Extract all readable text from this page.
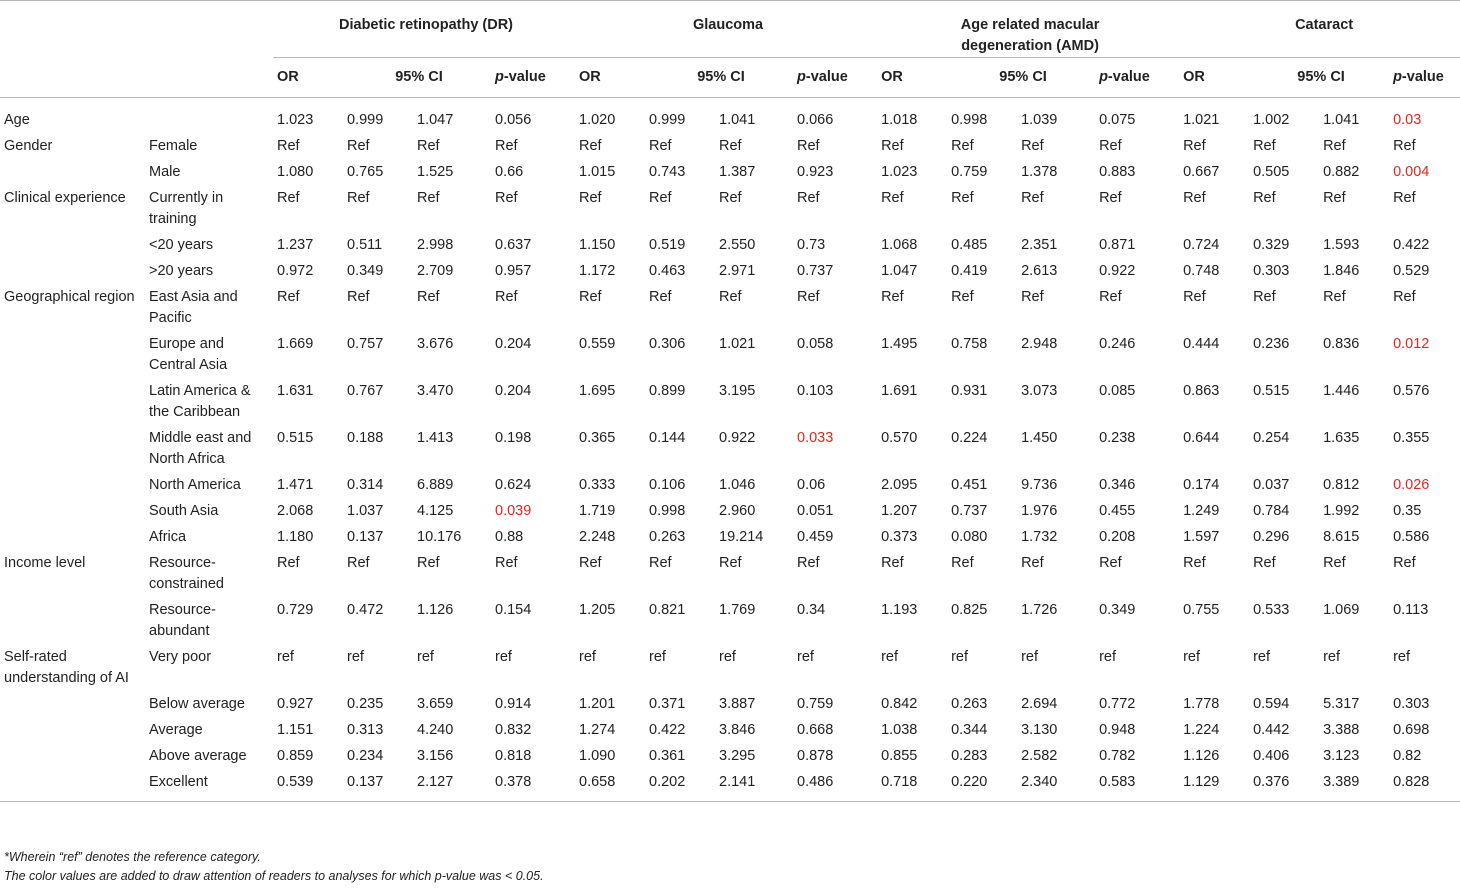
		Diabetic retinopathy (DR)				Glaucoma				Age related macular
degeneration (AMD)				Cataract			

		OR	95% CI		p-value	OR	95% CI		p-value	OR	95% CI		p-value	OR	95% CI		p-value
Age		1.023	0.999	1.047	0.056	1.020	0.999	1.041	0.066	1.018	0.998	1.039	0.075	1.021	1.002	1.041	0.03
Gender	Female	Ref	Ref	Ref	Ref	Ref	Ref	Ref	Ref	Ref	Ref	Ref	Ref	Ref	Ref	Ref	Ref
	Male	1.080	0.765	1.525	0.66	1.015	0.743	1.387	0.923	1.023	0.759	1.378	0.883	0.667	0.505	0.882	0.004
Clinical experience	Currently in training	Ref	Ref	Ref	Ref	Ref	Ref	Ref	Ref	Ref	Ref	Ref	Ref	Ref	Ref	Ref	Ref
	<20 years	1.237	0.511	2.998	0.637	1.150	0.519	2.550	0.73	1.068	0.485	2.351	0.871	0.724	0.329	1.593	0.422
	>20 years	0.972	0.349	2.709	0.957	1.172	0.463	2.971	0.737	1.047	0.419	2.613	0.922	0.748	0.303	1.846	0.529
Geographical region	East Asia and Pacific	Ref	Ref	Ref	Ref	Ref	Ref	Ref	Ref	Ref	Ref	Ref	Ref	Ref	Ref	Ref	Ref
	Europe and Central Asia	1.669	0.757	3.676	0.204	0.559	0.306	1.021	0.058	1.495	0.758	2.948	0.246	0.444	0.236	0.836	0.012
	Latin America & the Caribbean	1.631	0.767	3.470	0.204	1.695	0.899	3.195	0.103	1.691	0.931	3.073	0.085	0.863	0.515	1.446	0.576
	Middle east and North Africa	0.515	0.188	1.413	0.198	0.365	0.144	0.922	0.033	0.570	0.224	1.450	0.238	0.644	0.254	1.635	0.355
	North America	1.471	0.314	6.889	0.624	0.333	0.106	1.046	0.06	2.095	0.451	9.736	0.346	0.174	0.037	0.812	0.026
	South Asia	2.068	1.037	4.125	0.039	1.719	0.998	2.960	0.051	1.207	0.737	1.976	0.455	1.249	0.784	1.992	0.35
	Africa	1.180	0.137	10.176	0.88	2.248	0.263	19.214	0.459	0.373	0.080	1.732	0.208	1.597	0.296	8.615	0.586
Income level	Resource-constrained	Ref	Ref	Ref	Ref	Ref	Ref	Ref	Ref	Ref	Ref	Ref	Ref	Ref	Ref	Ref	Ref
	Resource-abundant	0.729	0.472	1.126	0.154	1.205	0.821	1.769	0.34	1.193	0.825	1.726	0.349	0.755	0.533	1.069	0.113
Self-rated understanding of AI	Very poor	ref	ref	ref	ref	ref	ref	ref	ref	ref	ref	ref	ref	ref	ref	ref	ref
	Below average	0.927	0.235	3.659	0.914	1.201	0.371	3.887	0.759	0.842	0.263	2.694	0.772	1.778	0.594	5.317	0.303
	Average	1.151	0.313	4.240	0.832	1.274	0.422	3.846	0.668	1.038	0.344	3.130	0.948	1.224	0.442	3.388	0.698
	Above average	0.859	0.234	3.156	0.818	1.090	0.361	3.295	0.878	0.855	0.283	2.582	0.782	1.126	0.406	3.123	0.82
	Excellent	0.539	0.137	2.127	0.378	0.658	0.202	2.141	0.486	0.718	0.220	2.340	0.583	1.129	0.376	3.389	0.828
*Wherein “ref” denotes the reference category.
The color values are added to draw attention of readers to analyses for which p-value was < 0.05.
